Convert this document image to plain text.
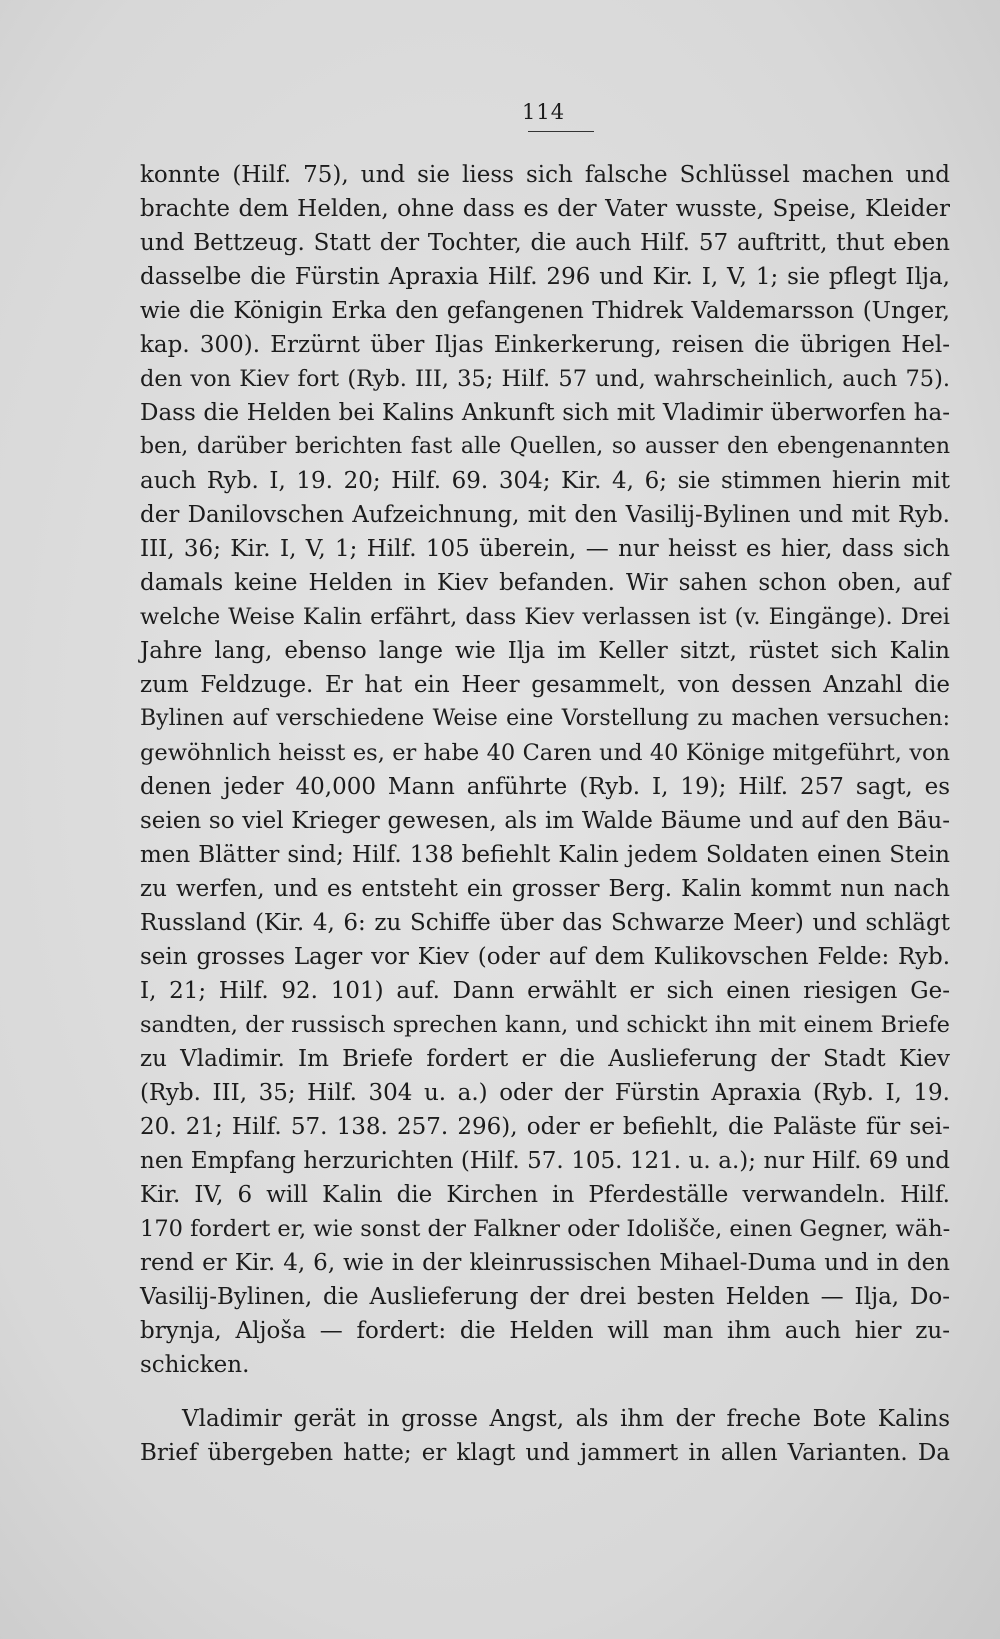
114
konnte (Hilf. 75), und sie liess sich falsche Schlüssel machen und
brachte dem Helden, ohne dass es der Vater wusste, Speise, Kleider
und Bettzeug. Statt der Tochter, die auch Hilf. 57 auftritt, thut eben
dasselbe die Fürstin Apraxia Hilf. 296 und Kir. I, V, 1; sie pflegt Ilja,
wie die Königin Erka den gefangenen Thidrek Valdemarsson (Unger,
kap. 300). Erzürnt über Iljas Einkerkerung, reisen die übrigen Hel-
den von Kiev fort (Ryb. III, 35; Hilf. 57 und, wahrscheinlich, auch 75).
Dass die Helden bei Kalins Ankunft sich mit Vladimir überworfen ha-
ben, darüber berichten fast alle Quellen, so ausser den ebengenannten
auch Ryb. I, 19. 20; Hilf. 69. 304; Kir. 4, 6; sie stimmen hierin mit
der Danilovschen Aufzeichnung, mit den Vasilij-Bylinen und mit Ryb.
III, 36; Kir. I, V, 1; Hilf. 105 überein, — nur heisst es hier, dass sich
damals keine Helden in Kiev befanden. Wir sahen schon oben, auf
welche Weise Kalin erfährt, dass Kiev verlassen ist (v. Eingänge). Drei
Jahre lang, ebenso lange wie Ilja im Keller sitzt, rüstet sich Kalin
zum Feldzuge. Er hat ein Heer gesammelt, von dessen Anzahl die
Bylinen auf verschiedene Weise eine Vorstellung zu machen versuchen:
gewöhnlich heisst es, er habe 40 Caren und 40 Könige mitgeführt, von
denen jeder 40,000 Mann anführte (Ryb. I, 19); Hilf. 257 sagt, es
seien so viel Krieger gewesen, als im Walde Bäume und auf den Bäu-
men Blätter sind; Hilf. 138 befiehlt Kalin jedem Soldaten einen Stein
zu werfen, und es entsteht ein grosser Berg. Kalin kommt nun nach
Russland (Kir. 4, 6: zu Schiffe über das Schwarze Meer) und schlägt
sein grosses Lager vor Kiev (oder auf dem Kulikovschen Felde: Ryb.
I, 21; Hilf. 92. 101) auf. Dann erwählt er sich einen riesigen Ge-
sandten, der russisch sprechen kann, und schickt ihn mit einem Briefe
zu Vladimir. Im Briefe fordert er die Auslieferung der Stadt Kiev
(Ryb. III, 35; Hilf. 304 u. a.) oder der Fürstin Apraxia (Ryb. I, 19.
20. 21; Hilf. 57. 138. 257. 296), oder er befiehlt, die Paläste für sei-
nen Empfang herzurichten (Hilf. 57. 105. 121. u. a.); nur Hilf. 69 und
Kir. IV, 6 will Kalin die Kirchen in Pferdeställe verwandeln. Hilf.
170 fordert er, wie sonst der Falkner oder Idolišče, einen Gegner, wäh-
rend er Kir. 4, 6, wie in der kleinrussischen Mihael-Duma und in den
Vasilij-Bylinen, die Auslieferung der drei besten Helden — Ilja, Do-
brynja, Aljoša — fordert: die Helden will man ihm auch hier zu-
schicken.
Vladimir gerät in grosse Angst, als ihm der freche Bote Kalins
Brief übergeben hatte; er klagt und jammert in allen Varianten. Da
